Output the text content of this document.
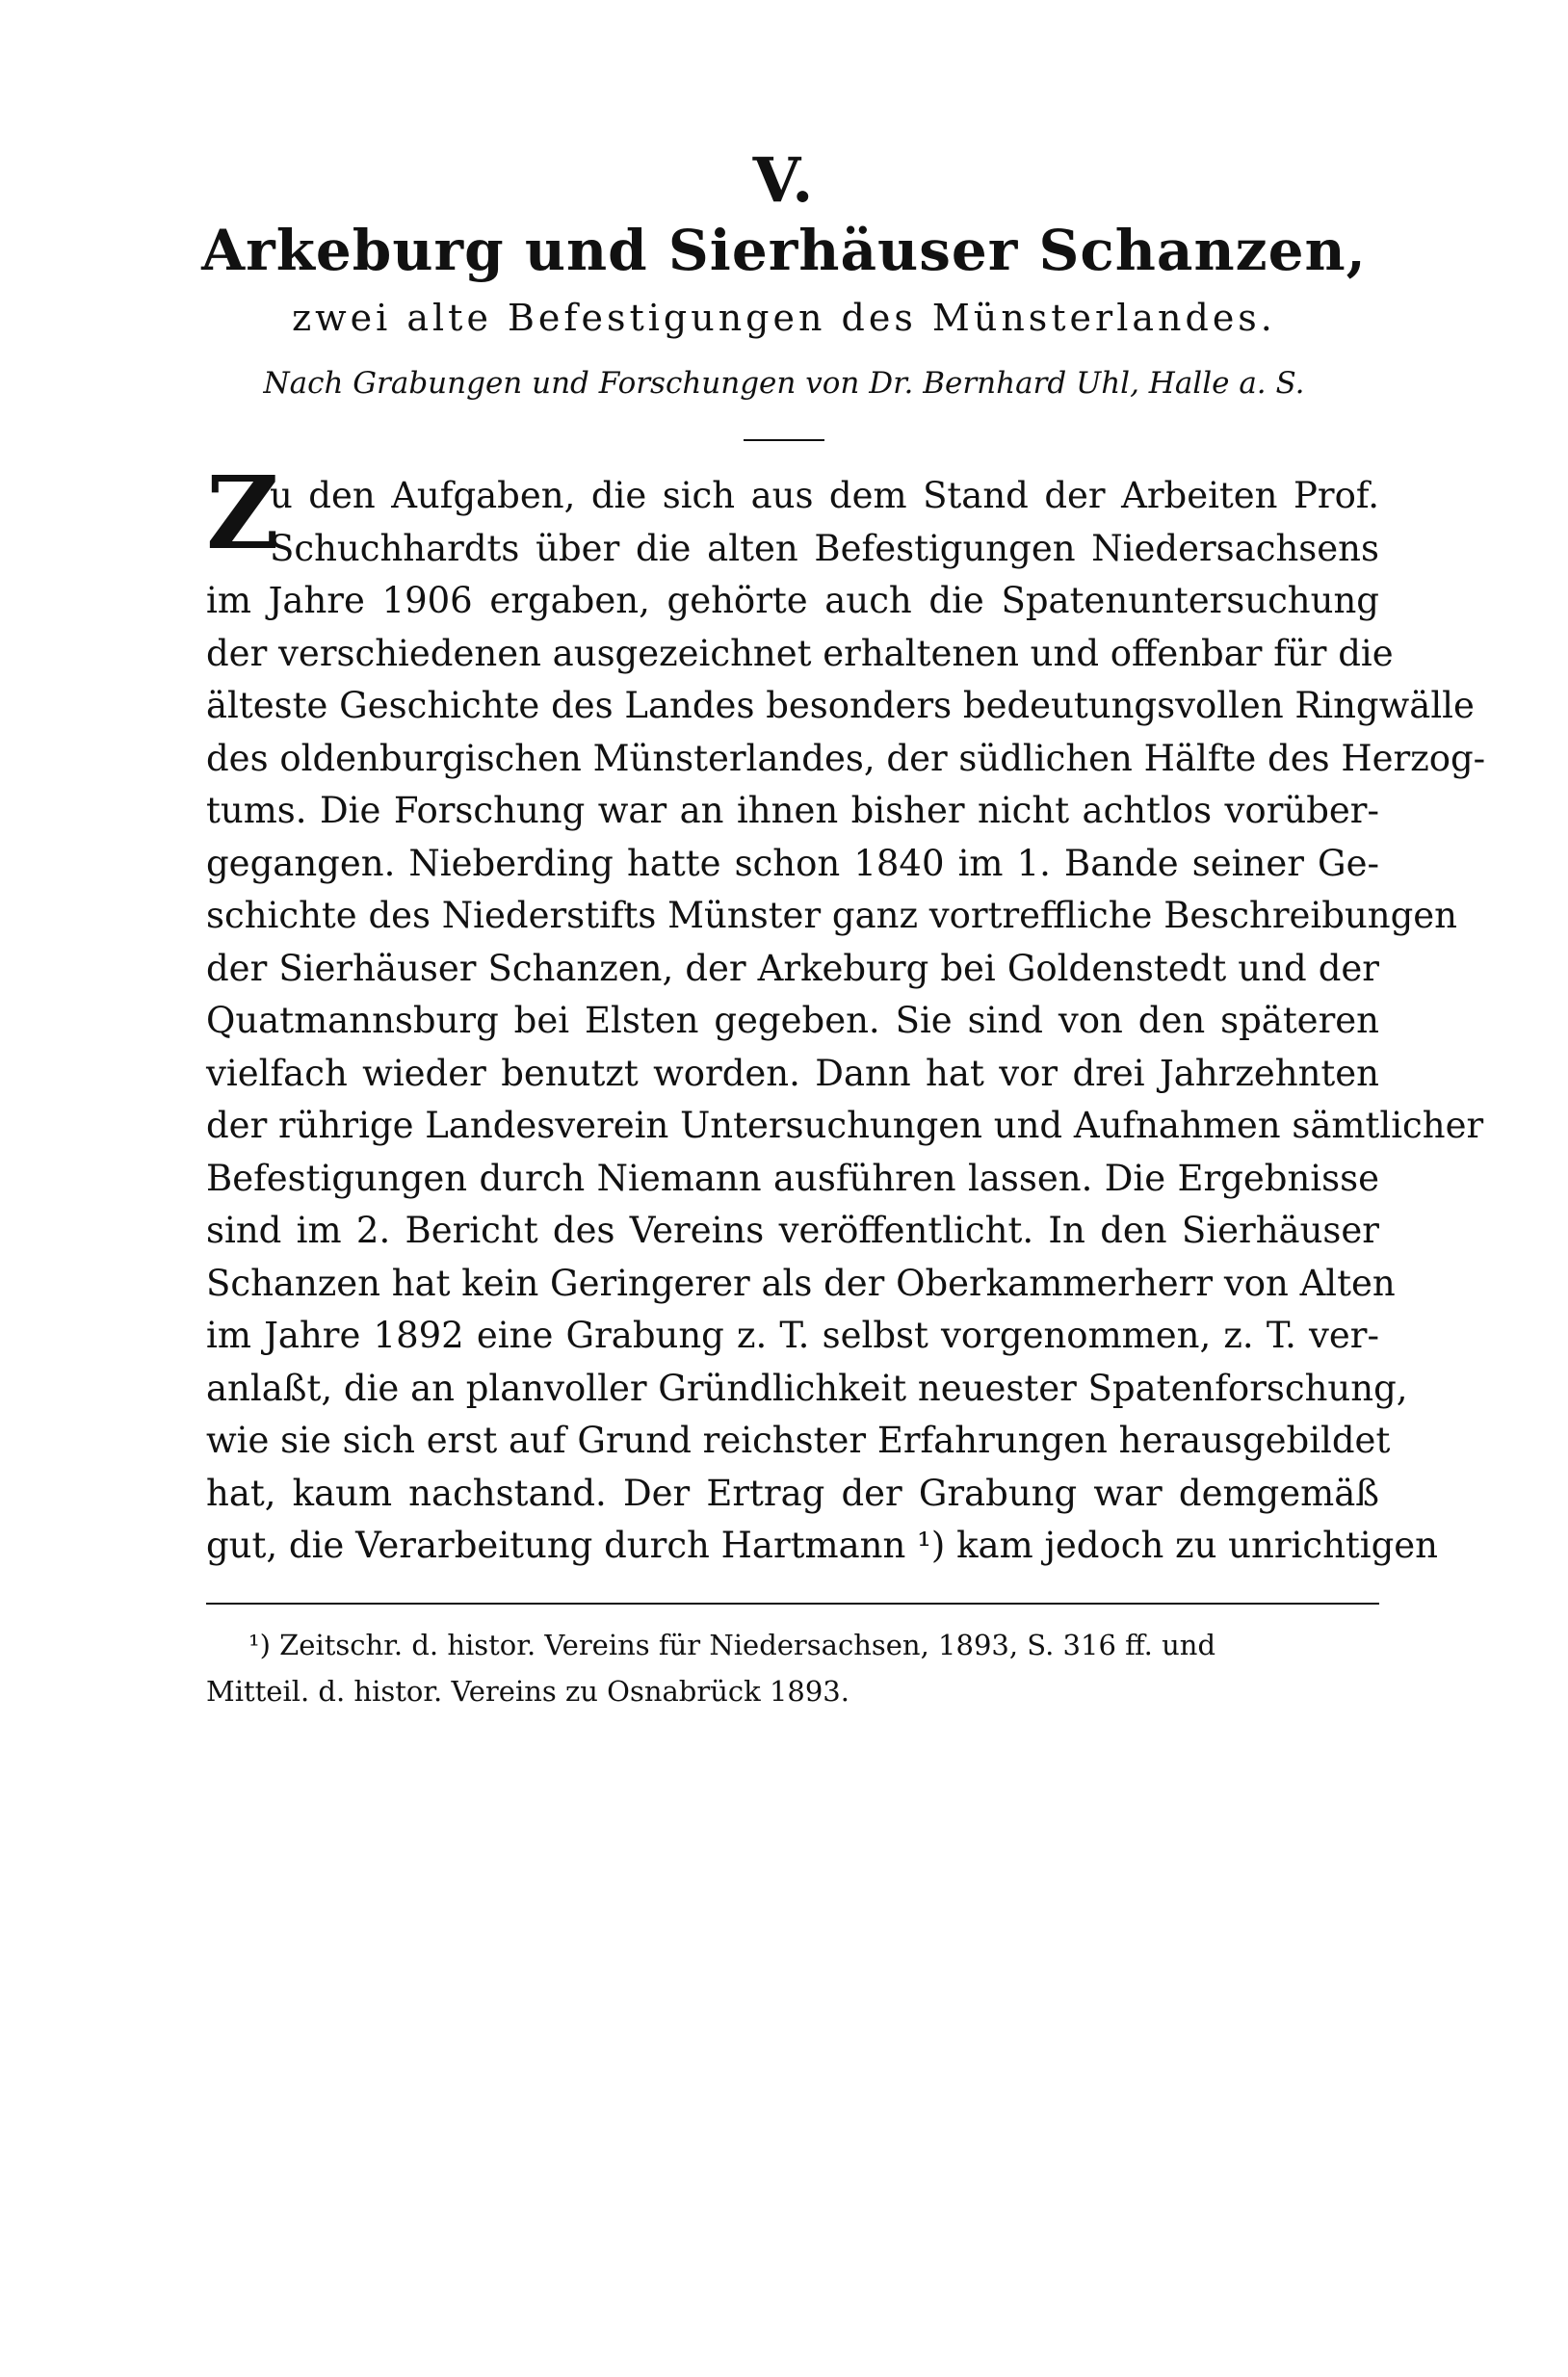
V.
Arkeburg und Sierhäuser Schanzen,
zwei alte Befestigungen des Münsterlandes.
Nach Grabungen und Forschungen von Dr. Bernhard Uhl, Halle a. S.
Z
u den Aufgaben, die sich aus dem Stand der Arbeiten Prof.
Schuchhardts über die alten Befestigungen Niedersachsens
im Jahre 1906 ergaben, gehörte auch die Spatenuntersuchung
der verschiedenen ausgezeichnet erhaltenen und offenbar für die
älteste Geschichte des Landes besonders bedeutungsvollen Ringwälle
des oldenburgischen Münsterlandes, der südlichen Hälfte des Herzog-
tums. Die Forschung war an ihnen bisher nicht achtlos vorüber-
gegangen. Nieberding hatte schon 1840 im 1. Bande seiner Ge-
schichte des Niederstifts Münster ganz vortreffliche Beschreibungen
der Sierhäuser Schanzen, der Arkeburg bei Goldenstedt und der
Quatmannsburg bei Elsten gegeben. Sie sind von den späteren
vielfach wieder benutzt worden. Dann hat vor drei Jahrzehnten
der rührige Landesverein Untersuchungen und Aufnahmen sämtlicher
Befestigungen durch Niemann ausführen lassen. Die Ergebnisse
sind im 2. Bericht des Vereins veröffentlicht. In den Sierhäuser
Schanzen hat kein Geringerer als der Oberkammerherr von Alten
im Jahre 1892 eine Grabung z. T. selbst vorgenommen, z. T. ver-
anlaßt, die an planvoller Gründlichkeit neuester Spatenforschung,
wie sie sich erst auf Grund reichster Erfahrungen herausgebildet
hat, kaum nachstand. Der Ertrag der Grabung war demgemäß
gut, die Verarbeitung durch Hartmann ¹) kam jedoch zu unrichtigen
¹) Zeitschr. d. histor. Vereins für Niedersachsen, 1893, S. 316 ff. und
Mitteil. d. histor. Vereins zu Osnabrück 1893.
